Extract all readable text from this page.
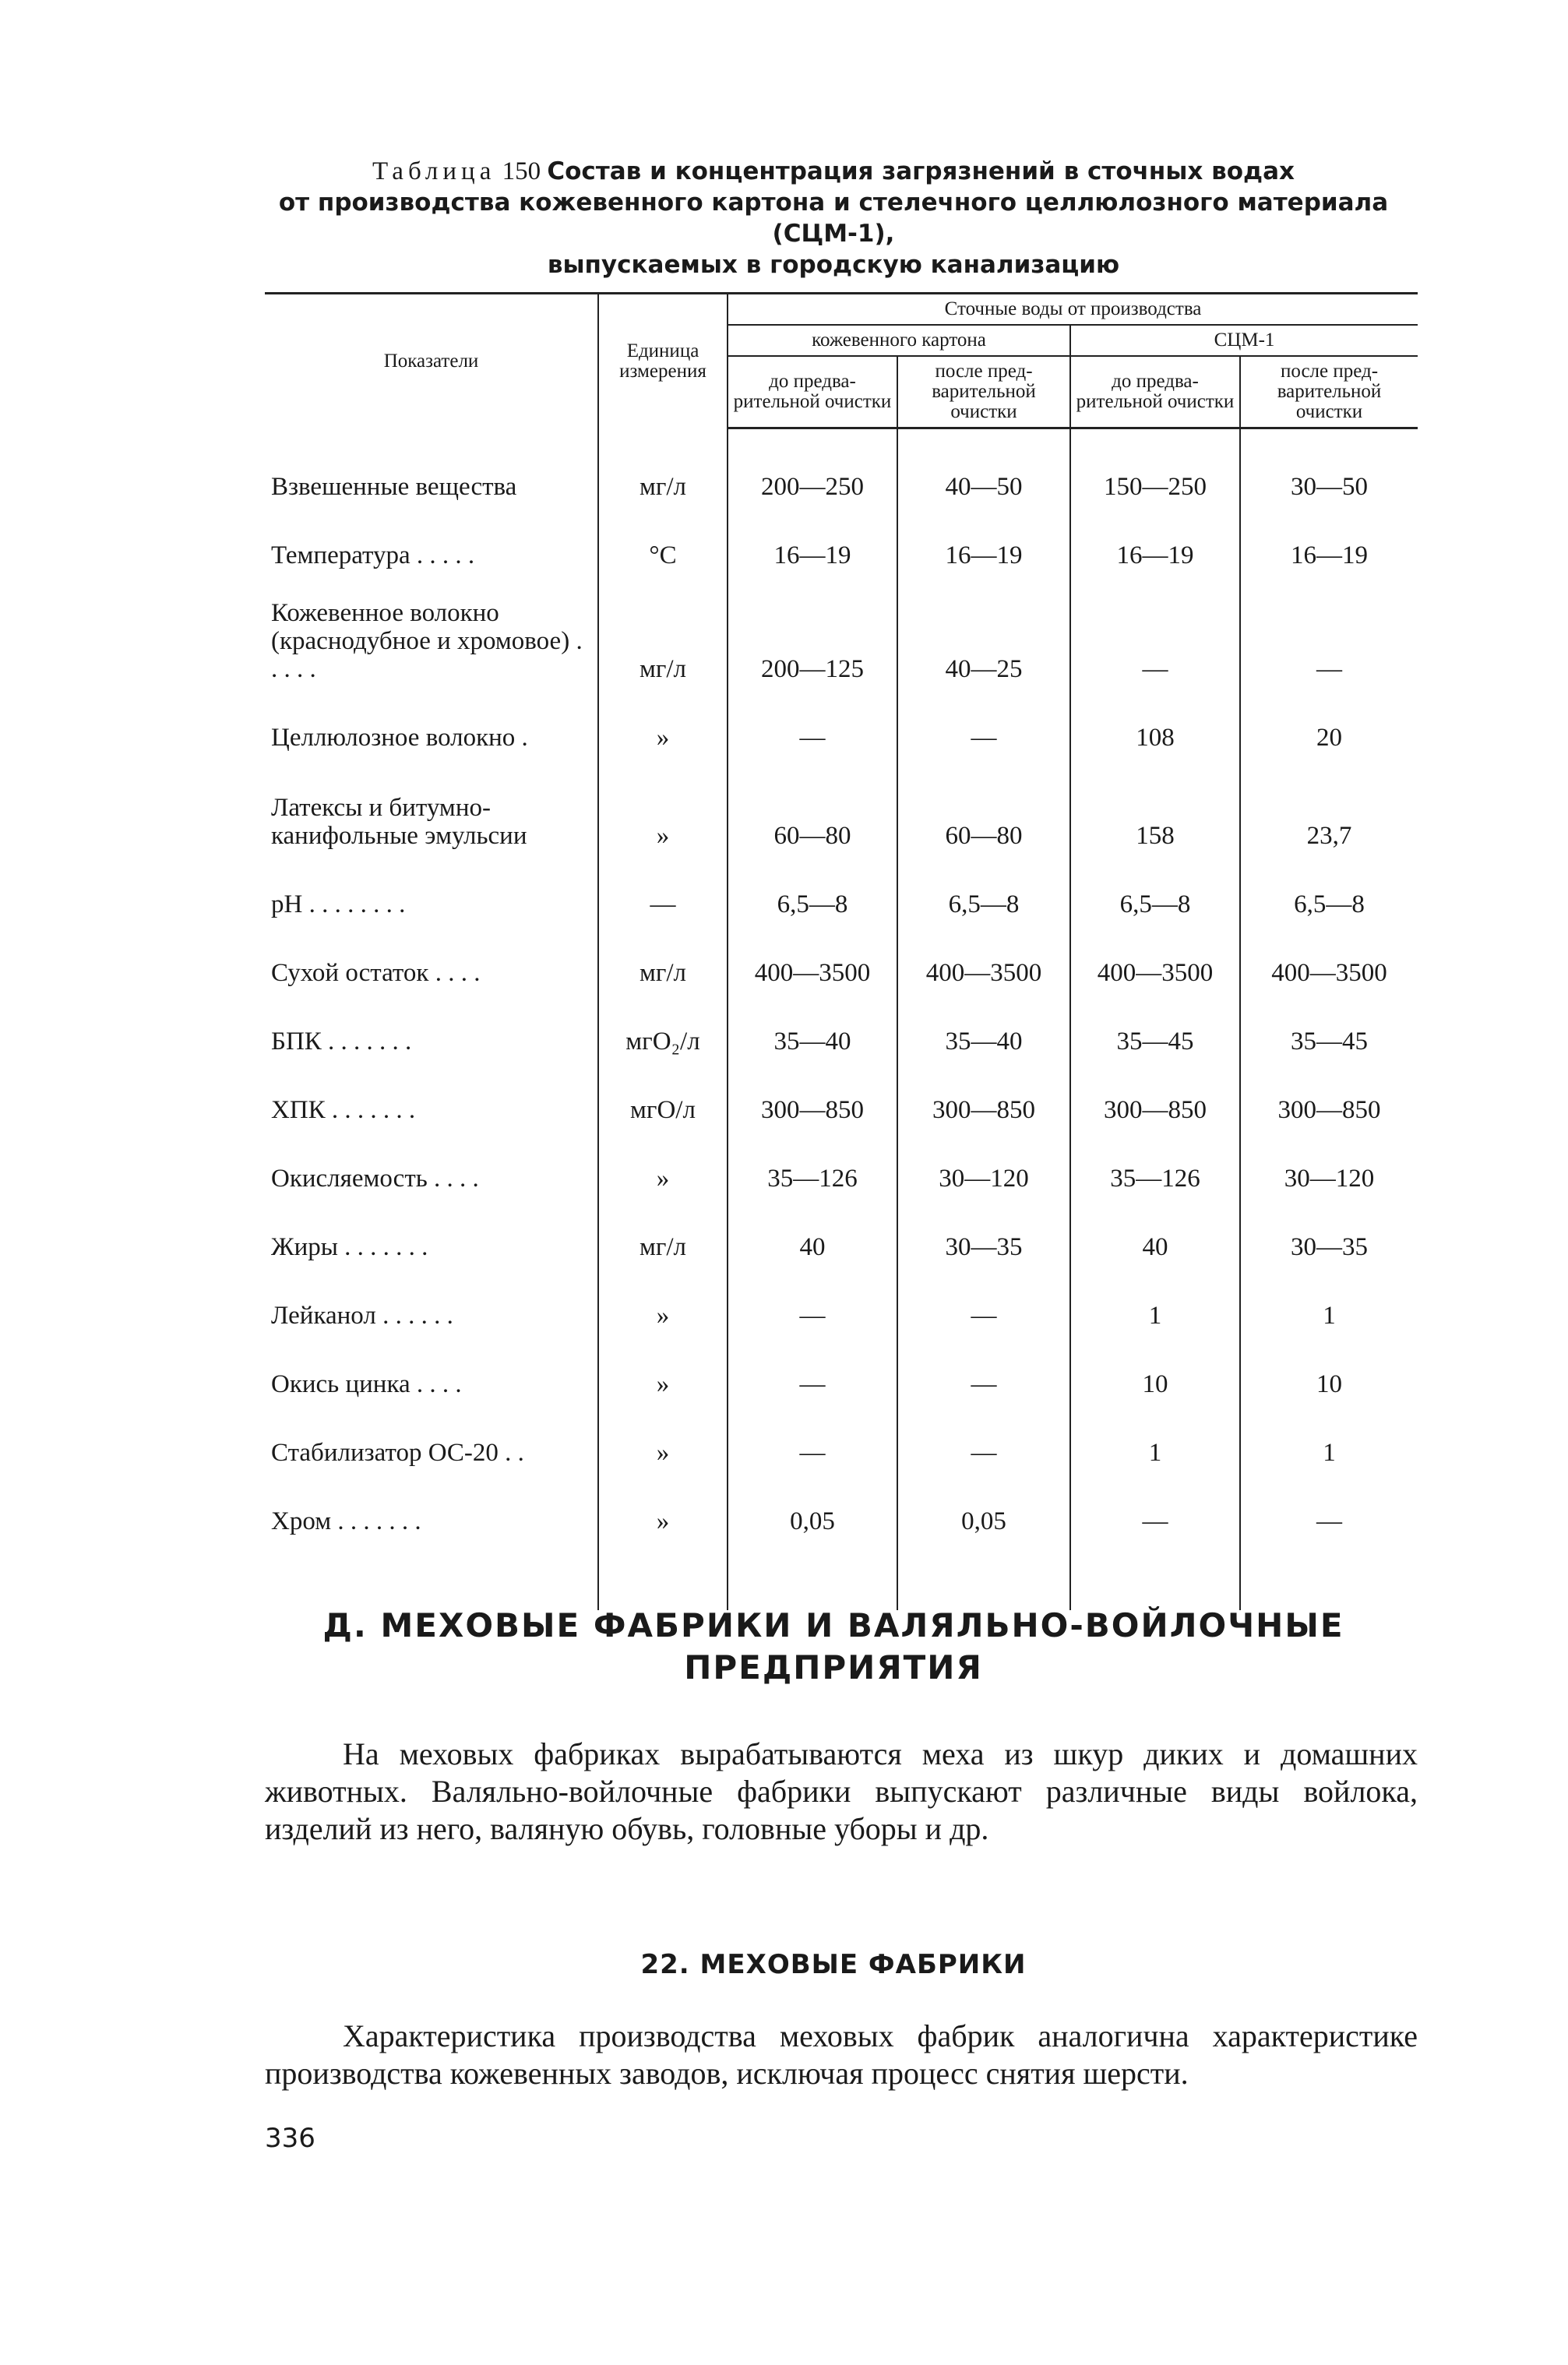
Таблица 150 Состав и концентрация загрязнений в сточных водах
от производства кожевенного картона и стелечного целлюлозного материала (СЦМ-1),
выпускаемых в городскую канализацию
Показатели	Единица измерения	Сточные воды от производства			
		кожевенного картона		СЦМ-1	
		до предва-рительной очистки	после пред-варительной очистки	до предва-рительной очистки	после пред-варительной очистки
Взвешенные вещества	мг/л	200—250	40—50	150—250	30—50
Температура . . . . .	°С	16—19	16—19	16—19	16—19
Кожевенное волокно (краснодубное и хромовое) . . . . .	мг/л	200—125	40—25	—	—
Целлюлозное волокно .	»	—	—	108	20
Латексы и битумно-канифольные эмульсии	»	60—80	60—80	158	23,7
pH . . . . . . . .	—	6,5—8	6,5—8	6,5—8	6,5—8
Сухой остаток . . . .	мг/л	400—3500	400—3500	400—3500	400—3500
БПК . . . . . . .	мгО₂/л	35—40	35—40	35—45	35—45
ХПК . . . . . . .	мгО/л	300—850	300—850	300—850	300—850
Окисляемость . . . .	»	35—126	30—120	35—126	30—120
Жиры . . . . . . .	мг/л	40	30—35	40	30—35
Лейканол . . . . . .	»	—	—	1	1
Окись цинка . . . .	»	—	—	10	10
Стабилизатор ОС-20 . .	»	—	—	1	1
Хром . . . . . . .	»	0,05	0,05	—	—

Д. МЕХОВЫЕ ФАБРИКИ И ВАЛЯЛЬНО-ВОЙЛОЧНЫЕ
ПРЕДПРИЯТИЯ
На меховых фабриках вырабатываются меха из шкур диких и домашних животных. Валяльно-войлочные фабрики выпускают различные виды войлока, изделий из него, валяную обувь, головные уборы и др.
22. МЕХОВЫЕ ФАБРИКИ
Характеристика производства меховых фабрик аналогична характеристике производства кожевенных заводов, исключая процесс снятия шерсти.
336
